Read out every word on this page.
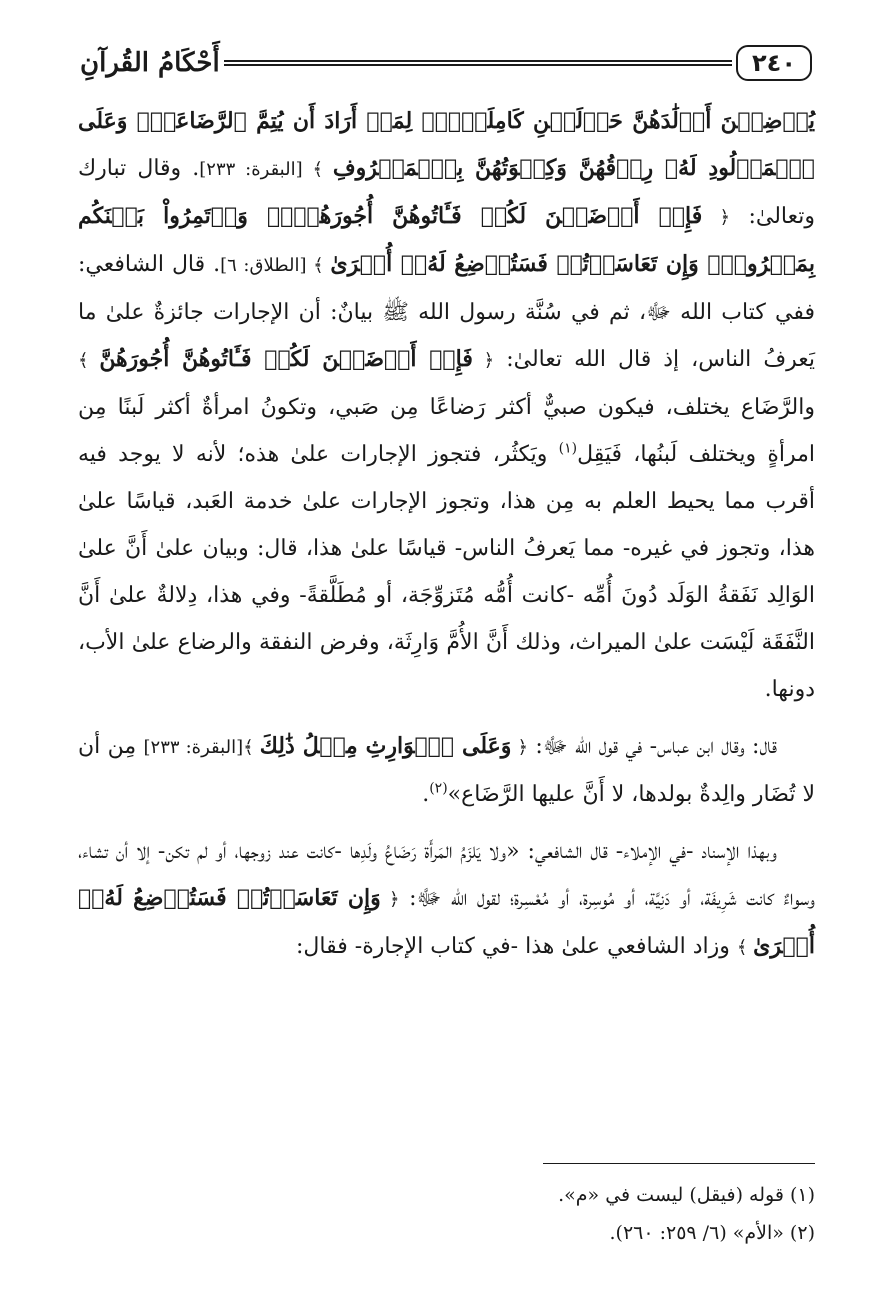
٢٤٠
أَحْكَامُ القُرآنِ

يُرۡضِعۡنَ أَوۡلَٰدَهُنَّ حَوۡلَيۡنِ كَامِلَيۡنِۖ لِمَنۡ أَرَادَ أَن يُتِمَّ ٱلرَّضَاعَةَۚ وَعَلَى ٱلۡمَوۡلُودِ لَهُۥ رِزۡقُهُنَّ وَكِسۡوَتُهُنَّ بِٱلۡمَعۡرُوفِ ﴾ [البقرة: ٢٣٣]. وقال تبارك وتعالىٰ: ﴿ فَإِنۡ أَرۡضَعۡنَ لَكُمۡ فَـَٔاتُوهُنَّ أُجُورَهُنَّۖ وَأۡتَمِرُواْ بَيۡنَكُم بِمَعۡرُوفٖۖ وَإِن تَعَاسَرۡتُمۡ فَسَتُرۡضِعُ لَهُۥٓ أُخۡرَىٰ ﴾ [الطلاق: ٦]. قال الشافعي: ففي كتاب الله ﷻ، ثم في سُنَّة رسول الله ﷺ بيانٌ: أن الإجارات جائزةٌ علىٰ ما يَعرفُ الناس، إذ قال الله تعالىٰ: ﴿ فَإِنۡ أَرۡضَعۡنَ لَكُمۡ فَـَٔاتُوهُنَّ أُجُورَهُنَّ ﴾ والرَّضَاع يختلف، فيكون صبيٌّ أكثر رَضاعًا مِن صَبي، وتكونُ امرأةٌ أكثر لَبنًا مِن امرأةٍ ويختلف لَبنُها، فَيَقِل$^{(١)}$ ويَكثُر، فتجوز الإجارات علىٰ هذه؛ لأنه لا يوجد فيه أقرب مما يحيط العلم به مِن هذا، وتجوز الإجارات علىٰ خدمة العَبد، قياسًا علىٰ هذا، وتجوز في غيره- مما يَعرفُ الناس- قياسًا علىٰ هذا، قال: وبيان علىٰ أَنَّ علىٰ الوَالِد نَفَقةُ الوَلَد دُونَ أُمِّه -كانت أُمُّه مُتَزوِّجَة، أو مُطَلَّقةً- وفي هذا، دِلالةٌ علىٰ أَنَّ النَّفَقَة لَيْسَت علىٰ الميراث، وذلك أَنَّ الأُمَّ وَارِثَة، وفرض النفقة والرضاع علىٰ الأب، دونها.

قال: وقال ابن عباس- في قول الله ﷻ: ﴿ وَعَلَى ٱلۡوَارِثِ مِثۡلُ ذَٰلِكَ ﴾[البقرة: ٢٣٣] مِن أن لا تُضَار والِدةٌ بولدها، لا أَنَّ عليها الرَّضَاع»$^{(٢)}$.

وبهذا الإسناد -في الإملاء- قال الشافعي: «ولا يَلزَمُ المَرأَة رَضَاعُ ولَدِها -كانت عند زوجها، أو لم تكن- إلا أن تشاء، وسواءٌ كانت شَرِيفَة، أو دَنِيَّة، أو مُوسِرة، أو مُعْسِرة؛ لقول الله ﷻ: ﴿ وَإِن تَعَاسَرۡتُمۡ فَسَتُرۡضِعُ لَهُۥٓ أُخۡرَىٰ ﴾ وزاد الشافعي علىٰ هذا -في كتاب الإجارة- فقال:

(١) قوله (فيقل) ليست في «م».
(٢) «الأم» (٦/ ٢٥٩: ٢٦٠).
